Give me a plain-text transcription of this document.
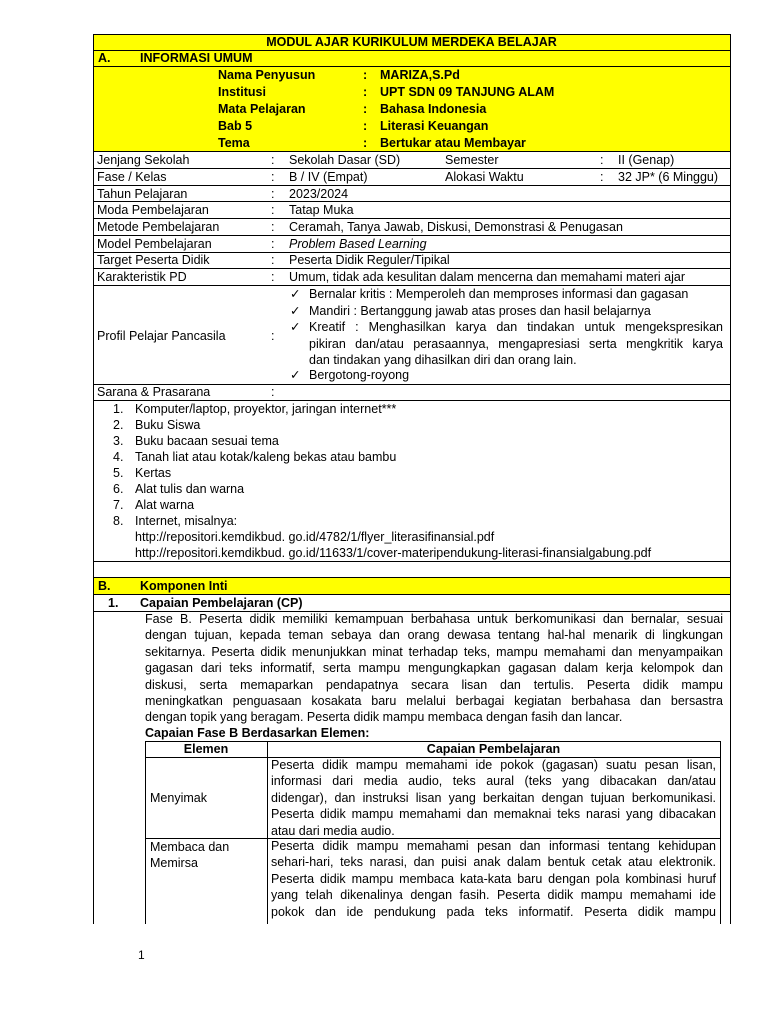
MODUL AJAR KURIKULUM MERDEKA BELAJAR
A. INFORMASI UMUM
Nama Penyusun	: MARIZA,S.Pd
Institusi	: UPT SDN 09 TANJUNG ALAM
Mata Pelajaran	: Bahasa Indonesia
Bab 5	: Literasi Keuangan
Tema	: Bertukar atau Membayar
Jenjang Sekolah	: Sekolah Dasar (SD)	Semester	: II (Genap)
Fase / Kelas	: B / IV (Empat)	Alokasi Waktu	: 32 JP* (6 Minggu)
Tahun Pelajaran	: 2023/2024
Moda Pembelajaran	: Tatap Muka
Metode Pembelajaran	: Ceramah, Tanya Jawab, Diskusi, Demonstrasi & Penugasan
Model Pembelajaran	: Problem Based Learning
Target Peserta Didik	: Peserta Didik Reguler/Tipikal
Karakteristik PD	: Umum, tidak ada kesulitan dalam mencerna dan memahami materi ajar
Profil Pelajar Pancasila	:
✓ Bernalar kritis : Memperoleh dan memproses informasi dan gagasan
✓ Mandiri : Bertanggung jawab atas proses dan hasil belajarnya
✓ Kreatif : Menghasilkan karya dan tindakan untuk mengekspresikan
pikiran dan/atau perasaannya, mengapresiasi serta mengkritik karya
dan tindakan yang dihasilkan diri dan orang lain.
✓ Bergotong-royong
Sarana & Prasarana	:
1. Komputer/laptop, proyektor, jaringan internet***
2. Buku Siswa
3. Buku bacaan sesuai tema
4. Tanah liat atau kotak/kaleng bekas atau bambu
5. Kertas
6. Alat tulis dan warna
7. Alat warna
8. Internet, misalnya:
http://repositori.kemdikbud. go.id/4782/1/flyer_literasifinansial.pdf
http://repositori.kemdikbud. go.id/11633/1/cover-materipendukung-literasi-finansialgabung.pdf
B. Komponen Inti
1. Capaian Pembelajaran (CP)
Fase B. Peserta didik memiliki kemampuan berbahasa untuk berkomunikasi dan bernalar, sesuai
dengan tujuan, kepada teman sebaya dan orang dewasa tentang hal-hal menarik di lingkungan
sekitarnya. Peserta didik menunjukkan minat terhadap teks, mampu memahami dan menyampaikan
gagasan dari teks informatif, serta mampu mengungkapkan gagasan dalam kerja kelompok dan
diskusi, serta memaparkan pendapatnya secara lisan dan tertulis. Peserta didik mampu
meningkatkan penguasaan kosakata baru melalui berbagai kegiatan berbahasa dan bersastra
dengan topik yang beragam. Peserta didik mampu membaca dengan fasih dan lancar.
Capaian Fase B Berdasarkan Elemen:
Elemen	Capaian Pembelajaran
Menyimak
Peserta didik mampu memahami ide pokok (gagasan) suatu pesan lisan,
informasi dari media audio, teks aural (teks yang dibacakan dan/atau
didengar), dan instruksi lisan yang berkaitan dengan tujuan berkomunikasi.
Peserta didik mampu memahami dan memaknai teks narasi yang dibacakan
atau dari media audio.
Membaca dan
Memirsa
Peserta didik mampu memahami pesan dan informasi tentang kehidupan
sehari-hari, teks narasi, dan puisi anak dalam bentuk cetak atau elektronik.
Peserta didik mampu membaca kata-kata baru dengan pola kombinasi huruf
yang telah dikenalinya dengan fasih. Peserta didik mampu memahami ide
pokok dan ide pendukung pada teks informatif. Peserta didik mampu
1
